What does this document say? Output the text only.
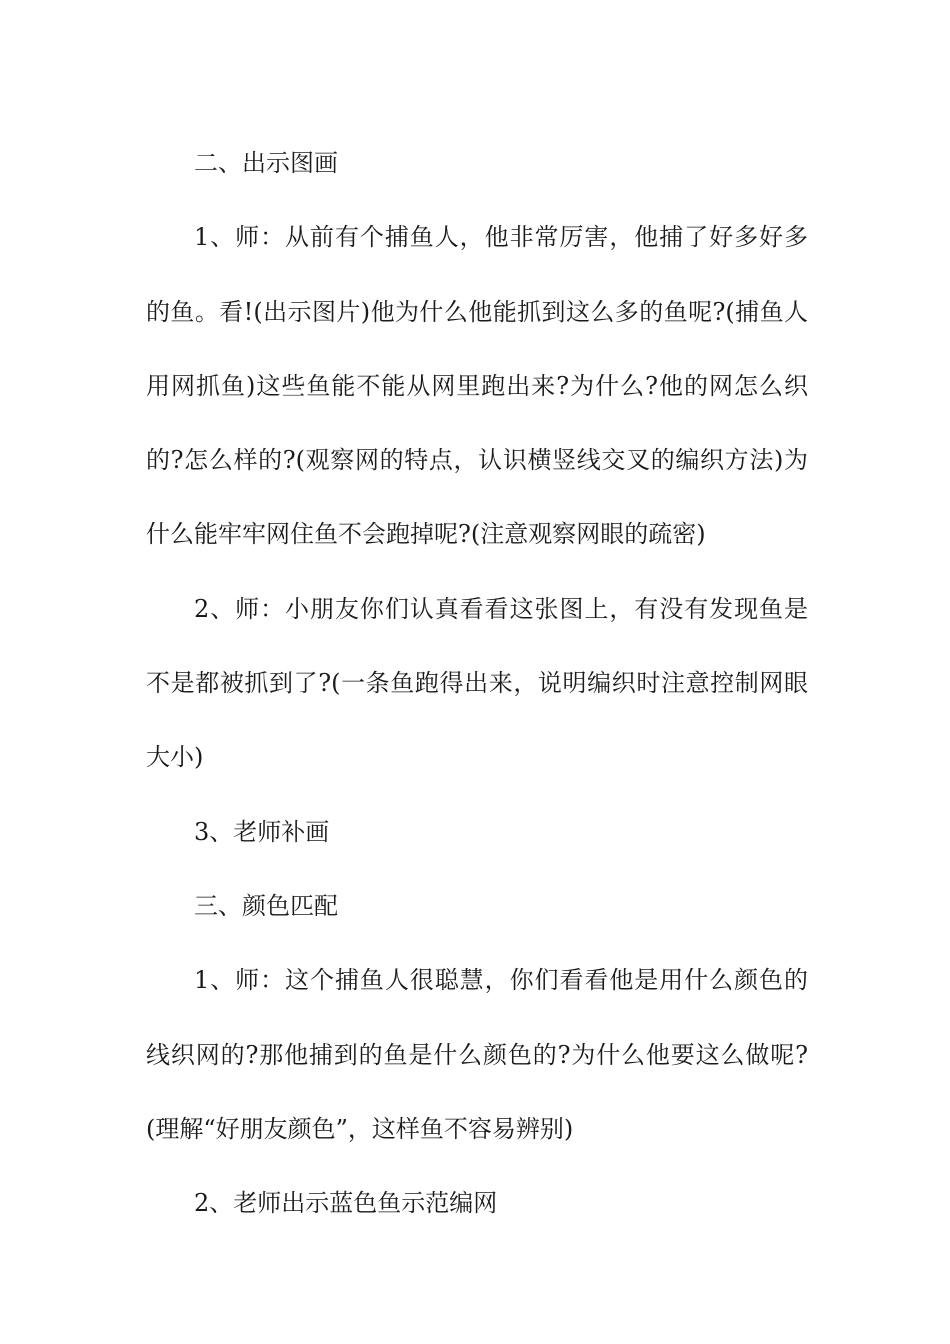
二、出示图画

1、师：从前有个捕鱼人，他非常厉害，他捕了好多好多的鱼。看!(出示图片)他为什么他能抓到这么多的鱼呢?(捕鱼人用网抓鱼)这些鱼能不能从网里跑出来?为什么?他的网怎么织的?怎么样的?(观察网的特点，认识横竖线交叉的编织方法)为什么能牢牢网住鱼不会跑掉呢?(注意观察网眼的疏密)

2、师：小朋友你们认真看看这张图上，有没有发现鱼是不是都被抓到了?(一条鱼跑得出来，说明编织时注意控制网眼大小)

3、老师补画

三、颜色匹配

1、师：这个捕鱼人很聪慧，你们看看他是用什么颜色的线织网的?那他捕到的鱼是什么颜色的?为什么他要这么做呢?(理解“好朋友颜色”，这样鱼不容易辨别)

2、老师出示蓝色鱼示范编网
